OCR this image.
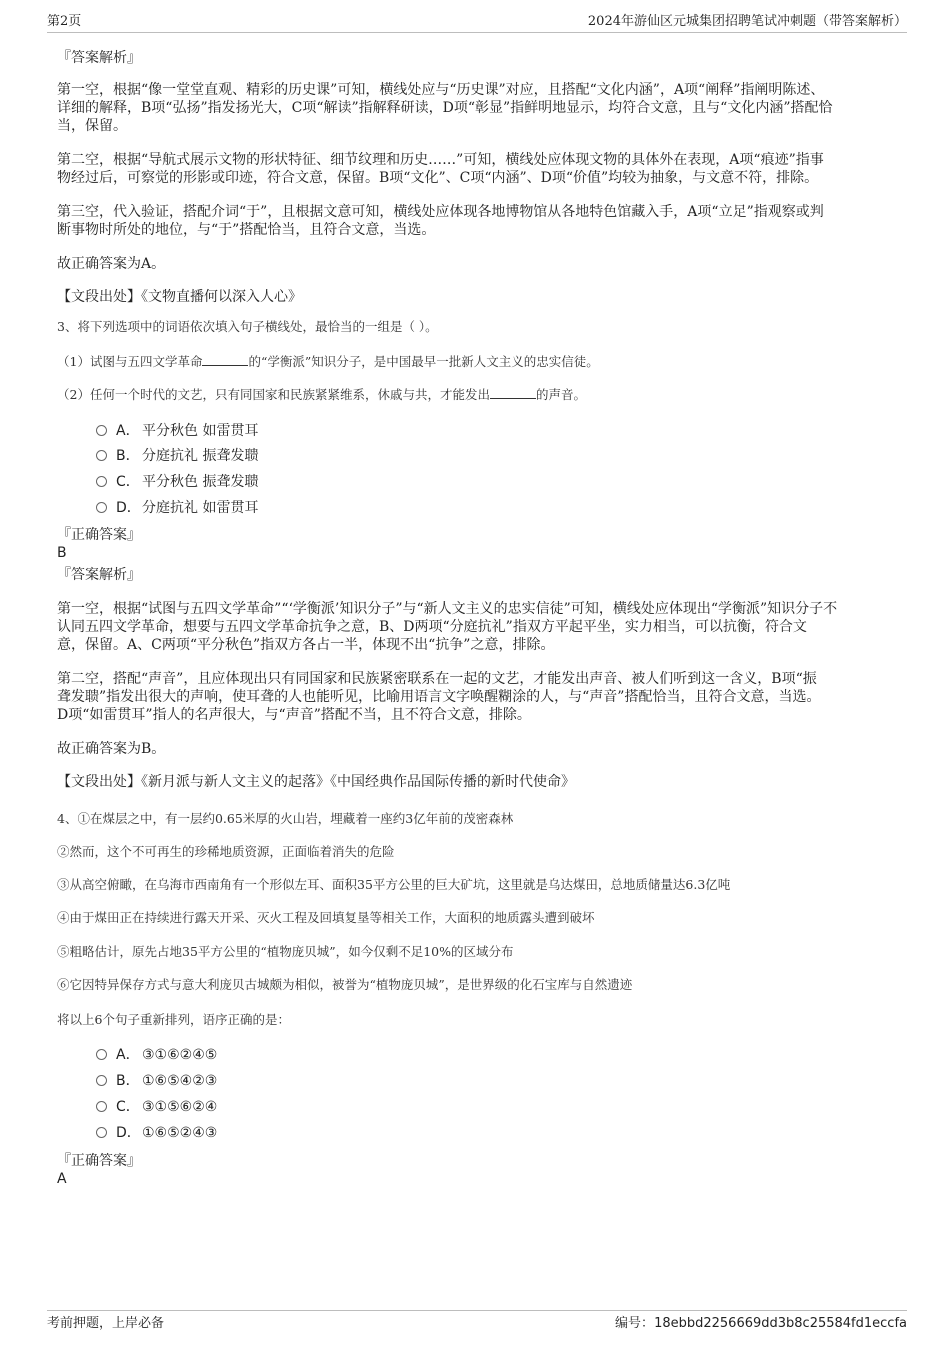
第2页	2024年游仙区元城集团招聘笔试冲刺题（带答案解析）
『答案解析』
第一空，根据“像一堂堂直观、精彩的历史课”可知，横线处应与“历史课”对应，且搭配“文化内涵”，A项“阐释”指阐明陈述、
详细的解释，B项“弘扬”指发扬光大，C项“解读”指解释研读，D项“彰显”指鲜明地显示，均符合文意，且与“文化内涵”搭配恰
当，保留。
第二空，根据“导航式展示文物的形状特征、细节纹理和历史……”可知，横线处应体现文物的具体外在表现，A项“痕迹”指事
物经过后，可察觉的形影或印迹，符合文意，保留。B项“文化”、C项“内涵”、D项“价值”均较为抽象，与文意不符，排除。
第三空，代入验证，搭配介词“于”，且根据文意可知，横线处应体现各地博物馆从各地特色馆藏入手，A项“立足”指观察或判
断事物时所处的地位，与“于”搭配恰当，且符合文意，当选。
故正确答案为A。
【文段出处】《文物直播何以深入人心》
3、将下列选项中的词语依次填入句子横线处，最恰当的一组是（ ）。
（1）试图与五四文学革命	的“学衡派”知识分子，是中国最早一批新人文主义的忠实信徒。
（2）任何一个时代的文艺，只有同国家和民族紧紧维系，休戚与共，才能发出	的声音。
A． 平分秋色 如雷贯耳
B． 分庭抗礼 振聋发聩
C． 平分秋色 振聋发聩
D．分庭抗礼 如雷贯耳
『正确答案』
B
『答案解析』
第一空，根据“试图与五四文学革命”“‘学衡派’知识分子”与“新人文主义的忠实信徒”可知，横线处应体现出“学衡派”知识分子不
认同五四文学革命，想要与五四文学革命抗争之意，B、D两项“分庭抗礼”指双方平起平坐，实力相当，可以抗衡，符合文
意，保留。A、C两项“平分秋色”指双方各占一半，体现不出“抗争”之意，排除。
第二空，搭配“声音”，且应体现出只有同国家和民族紧密联系在一起的文艺，才能发出声音、被人们听到这一含义，B项“振
聋发聩”指发出很大的声响，使耳聋的人也能听见，比喻用语言文字唤醒糊涂的人，与“声音”搭配恰当，且符合文意，当选。
D项“如雷贯耳”指人的名声很大，与“声音”搭配不当，且不符合文意，排除。
故正确答案为B。
【文段出处】《新月派与新人文主义的起落》《中国经典作品国际传播的新时代使命》
4、①在煤层之中，有一层约0.65米厚的火山岩，埋藏着一座约3亿年前的茂密森林
②然而，这个不可再生的珍稀地质资源，正面临着消失的危险
③从高空俯瞰，在乌海市西南角有一个形似左耳、面积35平方公里的巨大矿坑，这里就是乌达煤田，总地质储量达6.3亿吨
④由于煤田正在持续进行露天开采、灭火工程及回填复垦等相关工作，大面积的地质露头遭到破坏
⑤粗略估计，原先占地35平方公里的“植物庞贝城”，如今仅剩不足10%的区域分布
⑥它因特异保存方式与意大利庞贝古城颇为相似，被誉为“植物庞贝城”，是世界级的化石宝库与自然遗迹
将以上6个句子重新排列，语序正确的是：
A． ③①⑥②④⑤
B． ①⑥⑤④②③
C． ③①⑤⑥②④
D．①⑥⑤②④③
『正确答案』
A
考前押题，上岸必备	编号：18ebbd2256669dd3b8c25584fd1eccfa
